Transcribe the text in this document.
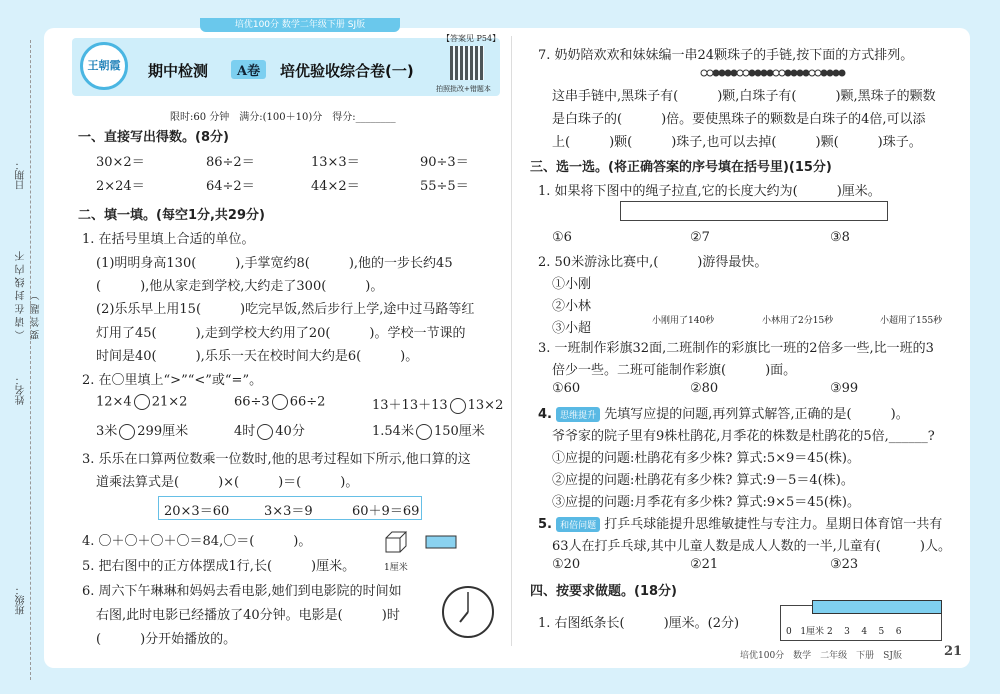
培优100分 数学二年级下册 SJ版
日期：
（ 请 在 封 线 内 不 要 答 题 ）
姓名：
班级：
王朝霞	期中检测	A卷	培优验收综合卷(一)
【答案见 P54】
拍照批改+错题本
限时:60 分钟　满分:(100＋10)分　得分:________
一、直接写出得数。(8分)
30×2＝	86÷2＝	13×3＝	90÷3＝
2×24＝	64÷2＝	44×2＝	55÷5＝
二、填一填。(每空1分,共29分)
1. 在括号里填上合适的单位。
(1)明明身高130(　　　),手掌宽约8(　　　),他的一步长约45
(　　　),他从家走到学校,大约走了300(　　　)。
(2)乐乐早上用15(　　　)吃完早饭,然后步行上学,途中过马路等红
灯用了45(　　　),走到学校大约用了20(　　　)。学校一节课的
时间是40(　　　),乐乐一天在校时间大约是6(　　　)。
2. 在〇里填上“>”“<”或“=”。
12×4 21×2	66÷3 66÷2	13＋13＋13 13×2
3米 299厘米	4时 40分	1.54米 150厘米
3. 乐乐在口算两位数乘一位数时,他的思考过程如下所示,他口算的这
道乘法算式是(　　　)×(　　　)＝(　　　)。
20×3＝60	3×3＝9	60＋9＝69
4. 〇＋〇＋〇＋〇＝84,〇＝(　　　)。
5. 把右图中的正方体摆成1行,长(　　　)厘米。	1厘米
6. 周六下午琳琳和妈妈去看电影,她们到电影院的时间如
右图,此时电影已经播放了40分钟。电影是(　　　)时
(　　　)分开始播放的。
7. 奶奶陪欢欢和妹妹编一串24颗珠子的手链,按下面的方式排列。
这串手链中,黑珠子有(　　　)颗,白珠子有(　　　)颗,黑珠子的颗数
是白珠子的(　　　)倍。要使黑珠子的颗数是白珠子的4倍,可以添
上(　　　)颗(　　　)珠子,也可以去掉(　　　)颗(　　　)珠子。
三、选一选。(将正确答案的序号填在括号里)(15分)
1. 如果将下图中的绳子拉直,它的长度大约为(　　　)厘米。
①6	②7	③8
2. 50米游泳比赛中,(　　　)游得最快。
①小刚
②小林
③小超	小刚用了140秒	小林用了2分15秒	小超用了155秒
3. 一班制作彩旗32面,二班制作的彩旗比一班的2倍多一些,比一班的3
倍少一些。二班可能制作彩旗(　　　)面。
①60	②80	③99
4. 思维提升 先填写应提的问题,再列算式解答,正确的是(　　　)。
爷爷家的院子里有9株杜鹃花,月季花的株数是杜鹃花的5倍,______?
①应提的问题:杜鹃花有多少株? 算式:5×9＝45(株)。
②应提的问题:杜鹃花有多少株? 算式:9－5＝4(株)。
③应提的问题:月季花有多少株? 算式:9×5＝45(株)。
5. 和倍问题 打乒乓球能提升思维敏捷性与专注力。星期日体育馆一共有
63人在打乒乓球,其中儿童人数是成人人数的一半,儿童有(　　　)人。
①20	②21	③23
四、按要求做题。(18分)
1. 右图纸条长(　　　)厘米。(2分)
0 1厘米 2 3 4 5 6
培优100分　数学　二年级　下册　SJ版	21
